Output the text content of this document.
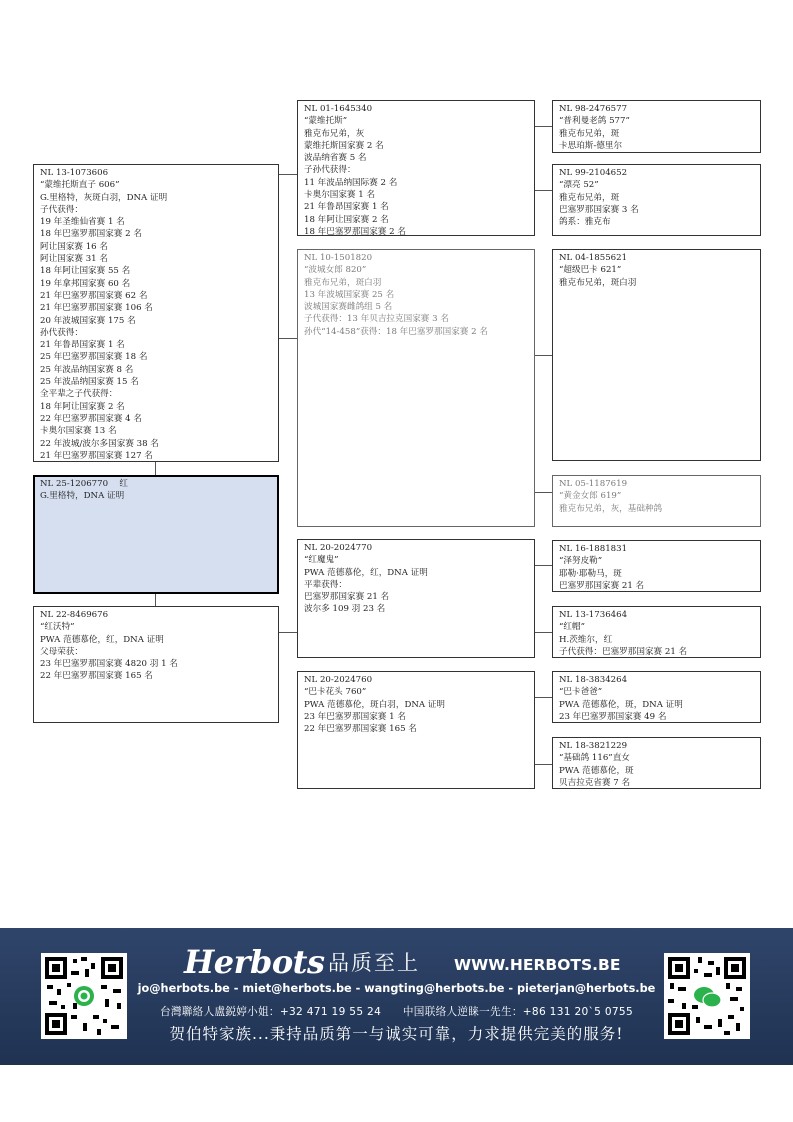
NL 13-1073606
“蒙维托斯直子 606”
G.里格特，灰斑白羽，DNA 证明
子代获得：
19 年圣维仙省赛 1 名
18 年巴塞罗那国家赛 2 名
阿让国家赛 16 名
阿让国家赛 31 名
18 年阿让国家赛 55 名
19 年拿邦国家赛 60 名
21 年巴塞罗那国家赛 62 名
21 年巴塞罗那国家赛 106 名
20 年波城国家赛 175 名
孙代获得：
21 年鲁昂国家赛 1 名
25 年巴塞罗那国家赛 18 名
25 年波品纳国家赛 8 名
25 年波品纳国家赛 15 名
全平辈之子代获得：
18 年阿让国家赛 2 名
22 年巴塞罗那国家赛 4 名
卡奥尔国家赛 13 名
22 年波城/波尔多国家赛 38 名
21 年巴塞罗那国家赛 127 名
NL 25-1206770　 红
G.里格特，DNA 证明
NL 22-8469676
“红沃特”
PWA 范德慕伦，红，DNA 证明
父母荣获：
23 年巴塞罗那国家赛 4820 羽 1 名
22 年巴塞罗那国家赛 165 名
NL 01-1645340
“蒙维托斯”
雅克布兄弟，灰
蒙维托斯国家赛 2 名
波品纳省赛 5 名
子孙代获得：
11 年波品纳国际赛 2 名
卡奥尔国家赛 1 名
21 年鲁昂国家赛 1 名
18 年阿让国家赛 2 名
18 年巴塞罗那国家赛 2 名
NL 10-1501820
“波城女郎 820”
雅克布兄弟，斑白羽
13 年波城国家赛 25 名
波城国家赛雌鸽组 5 名
子代获得：13 年贝吉拉克国家赛 3 名
孙代“14-458”获得：18 年巴塞罗那国家赛 2 名
NL 20-2024770
“红魔鬼”
PWA 范德慕伦，红，DNA 证明
平辈获得：
巴塞罗那国家赛 21 名
波尔多 109 羽 23 名
NL 20-2024760
“巴卡花头 760”
PWA 范德慕伦，斑白羽，DNA 证明
23 年巴塞罗那国家赛 1 名
22 年巴塞罗那国家赛 165 名
NL 98-2476577
“普利曼老鸽 577”
雅克布兄弟，斑
卡思珀斯-德里尔
NL 99-2104652
“漂亮 52”
雅克布兄弟，斑
巴塞罗那国家赛 3 名
鸽系：雅克布
NL 04-1855621
“超级巴卡 621”
雅克布兄弟，斑白羽
NL 05-1187619
“黄金女郎 619”
雅克布兄弟，灰，基础种鸽
NL 16-1881831
“泽努皮勒”
耶勒·耶勒马，斑
巴塞罗那国家赛 21 名
NL 13-1736464
“红帽”
H.茨维尔，红
子代获得：巴塞罗那国家赛 21 名
NL 18-3834264
“巴卡爸爸”
PWA 范德慕伦，斑，DNA 证明
23 年巴塞罗那国家赛 49 名
NL 18-3821229
“基础鸽 116”直女
PWA 范德慕伦，斑
贝吉拉克省赛 7 名
Herbots 品质至上 WWW.HERBOTS.BE
jo@herbots.be - miet@herbots.be - wangting@herbots.be - pieterjan@herbots.be
台灣聯絡人盧鋭婷小姐：+32 471 19 55 24　　中国联络人逆睐一先生：+86 131 20`5 0755
贺伯特家族...秉持品质第一与诚实可靠，力求提供完美的服务!
